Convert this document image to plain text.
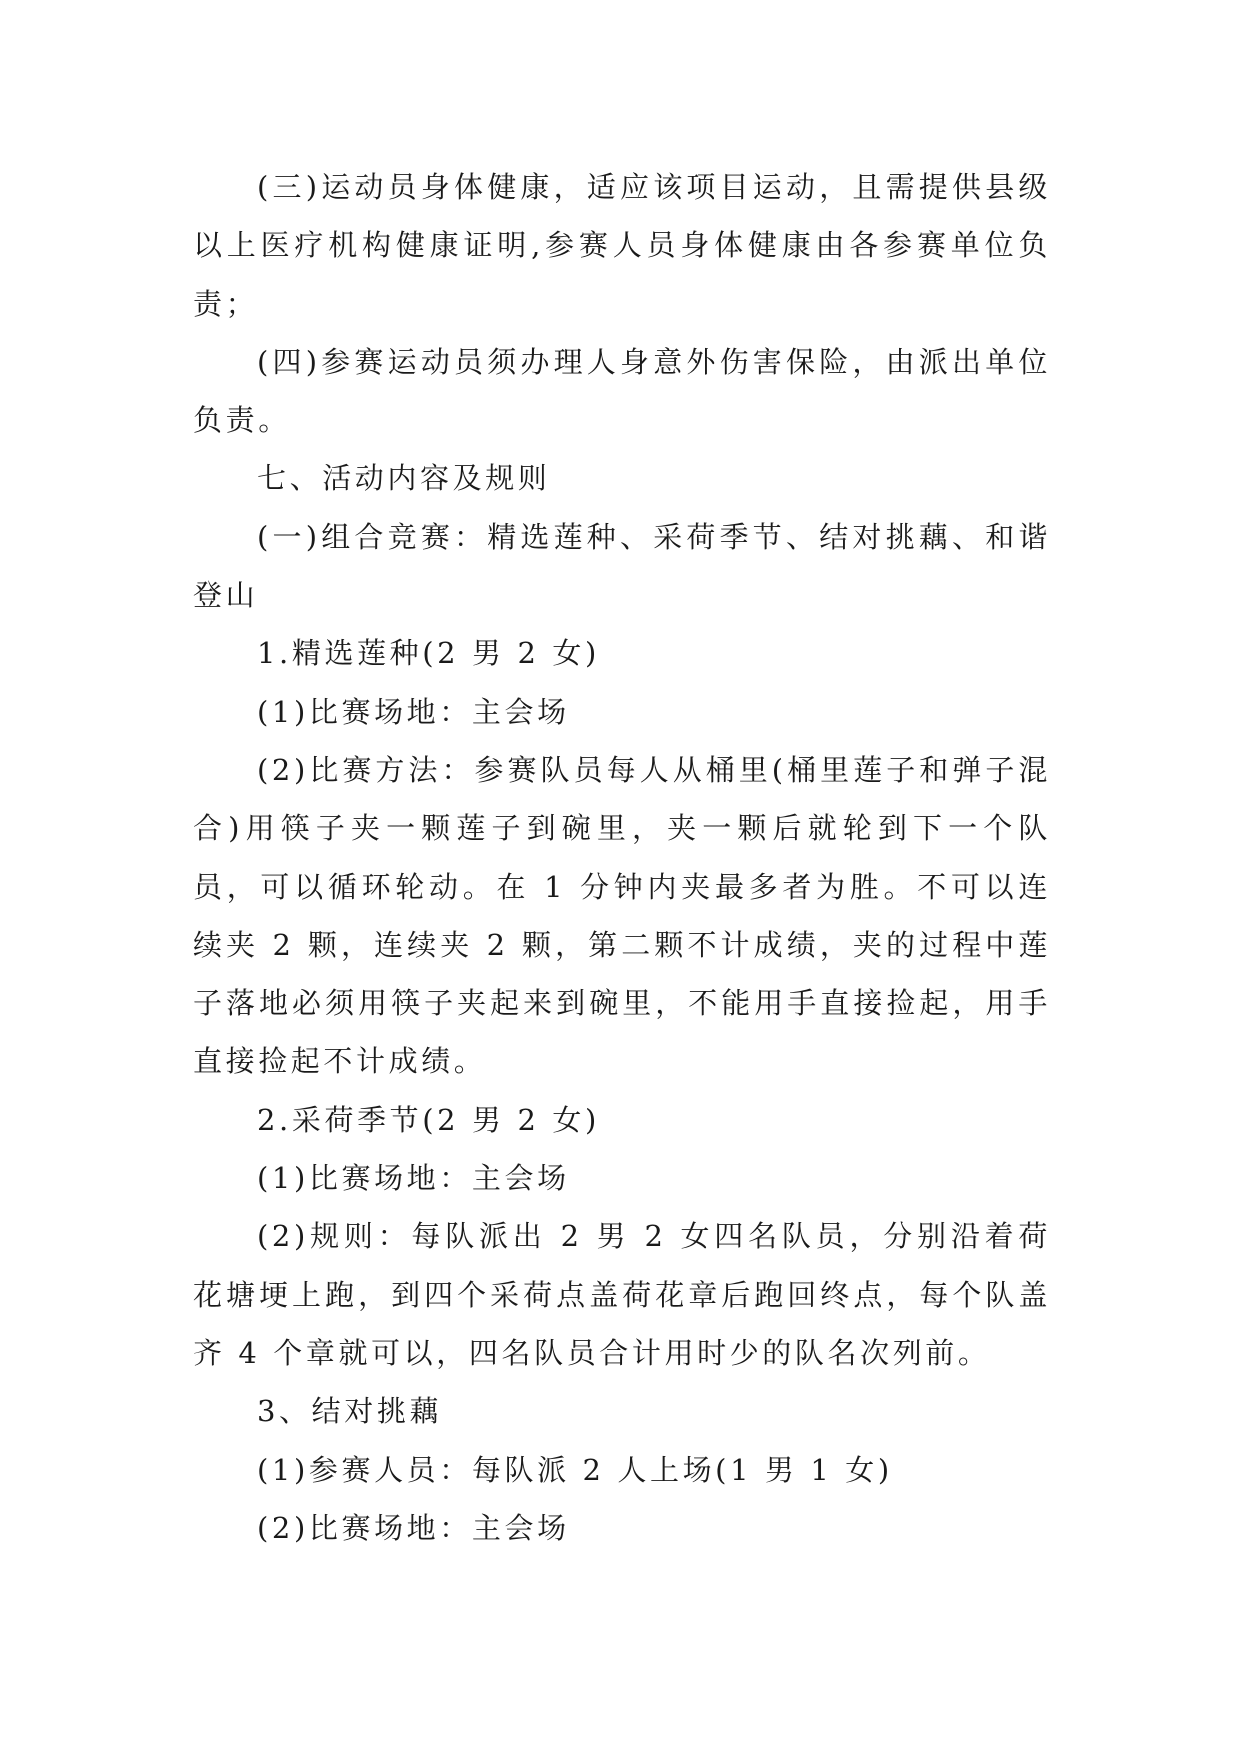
(三)运动员身体健康，适应该项目运动，且需提供县级以上医疗机构健康证明,参赛人员身体健康由各参赛单位负责；

(四)参赛运动员须办理人身意外伤害保险，由派出单位负责。

七、活动内容及规则

(一)组合竞赛：精选莲种、采荷季节、结对挑藕、和谐登山

1.精选莲种(2 男 2 女)

(1)比赛场地：主会场

(2)比赛方法：参赛队员每人从桶里(桶里莲子和弹子混合)用筷子夹一颗莲子到碗里，夹一颗后就轮到下一个队员，可以循环轮动。在 1 分钟内夹最多者为胜。不可以连续夹 2 颗，连续夹 2 颗，第二颗不计成绩，夹的过程中莲子落地必须用筷子夹起来到碗里，不能用手直接捡起，用手直接捡起不计成绩。

2.采荷季节(2 男 2 女)

(1)比赛场地：主会场

(2)规则：每队派出 2 男 2 女四名队员，分别沿着荷花塘埂上跑，到四个采荷点盖荷花章后跑回终点，每个队盖齐 4 个章就可以，四名队员合计用时少的队名次列前。

3、结对挑藕

(1)参赛人员：每队派 2 人上场(1 男 1 女)

(2)比赛场地：主会场
